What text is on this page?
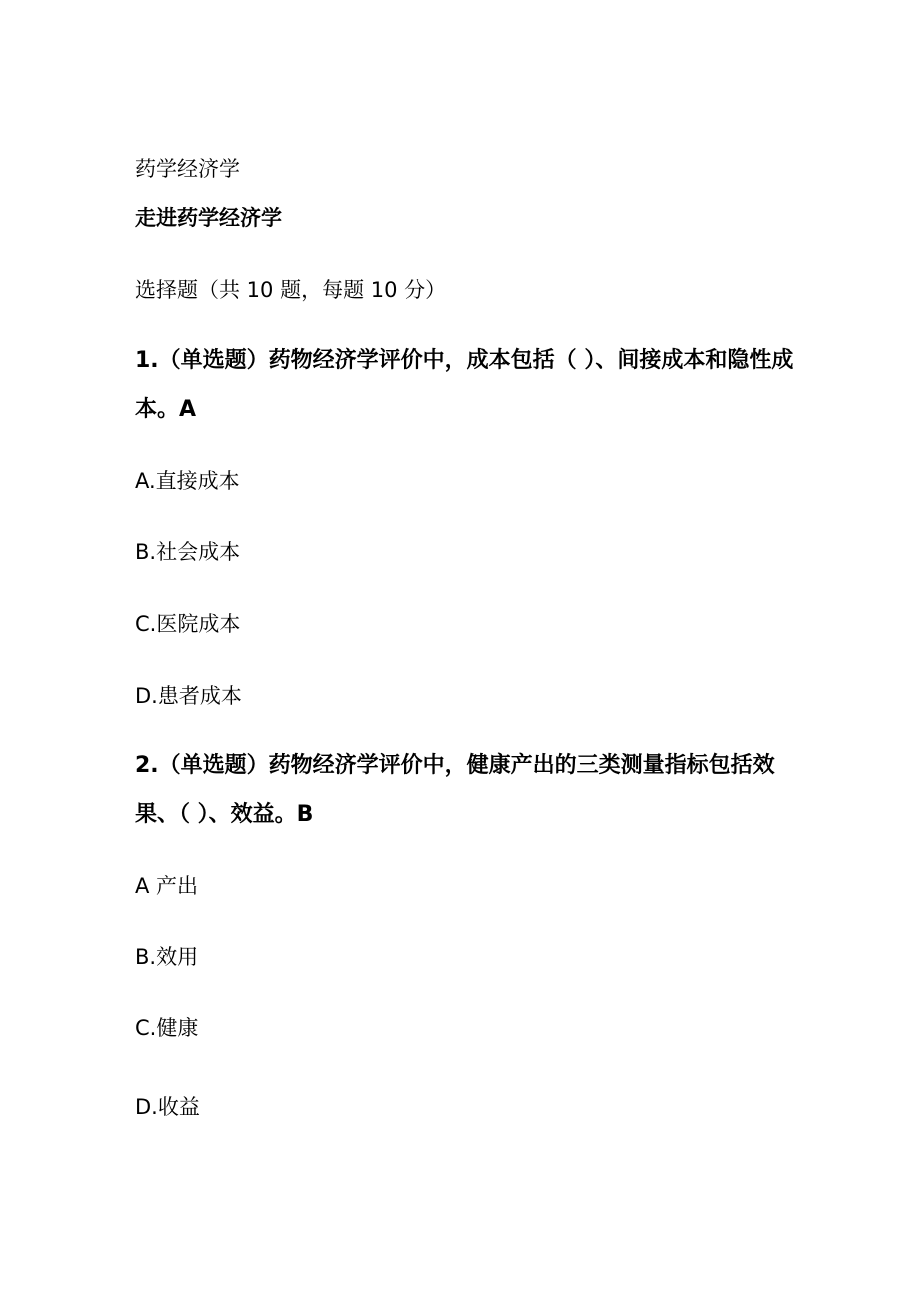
药学经济学
走进药学经济学
选择题（共 10 题，每题 10 分）
1.（单选题）药物经济学评价中，成本包括（ ）、间接成本和隐性成
本。A
A.直接成本
B.社会成本
C.医院成本
D.患者成本
2.（单选题）药物经济学评价中，健康产出的三类测量指标包括效
果、（ ）、效益。B
A 产出
B.效用
C.健康
D.收益
